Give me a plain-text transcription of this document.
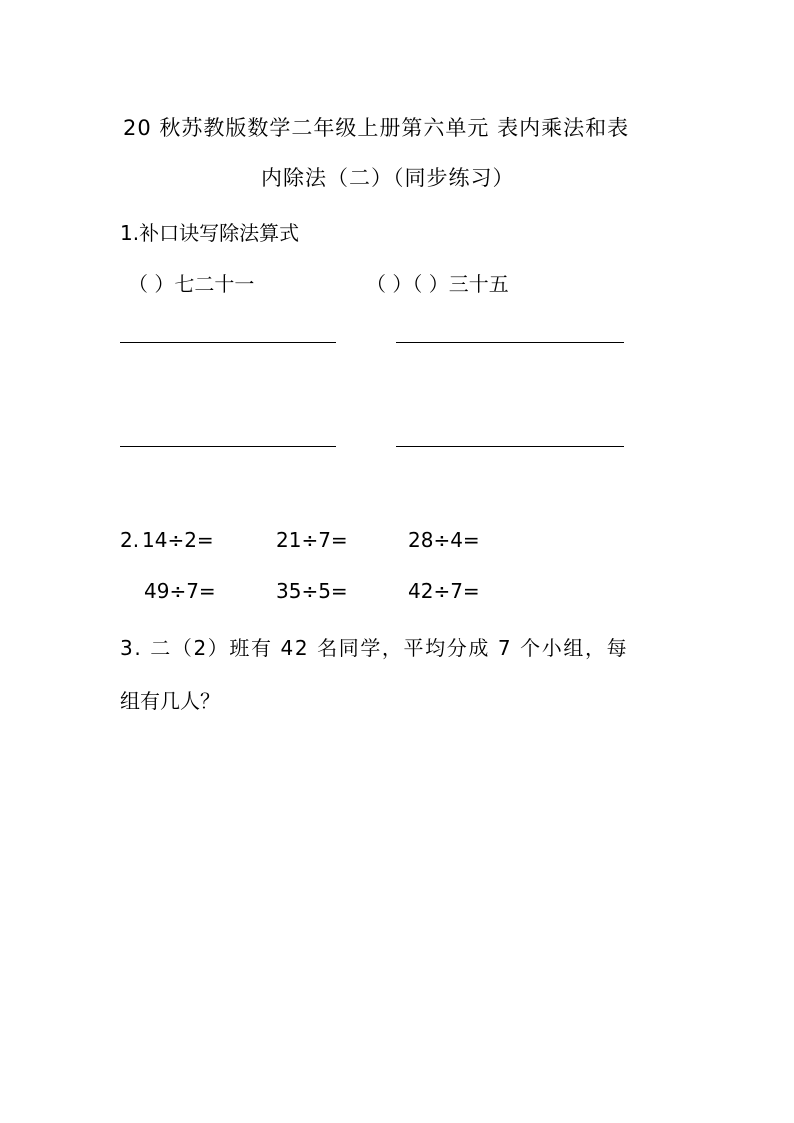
20 秋苏教版数学二年级上册第六单元 表内乘法和表
内除法（二）（同步练习）
1.补口诀写除法算式
（ ）七二十一	（ ）（ ）三十五
2. 14÷2=	21÷7=	28÷4=
49÷7=	35÷5=	42÷7=
3. 二（2）班有 42 名同学，平均分成 7 个小组，每
组有几人？
